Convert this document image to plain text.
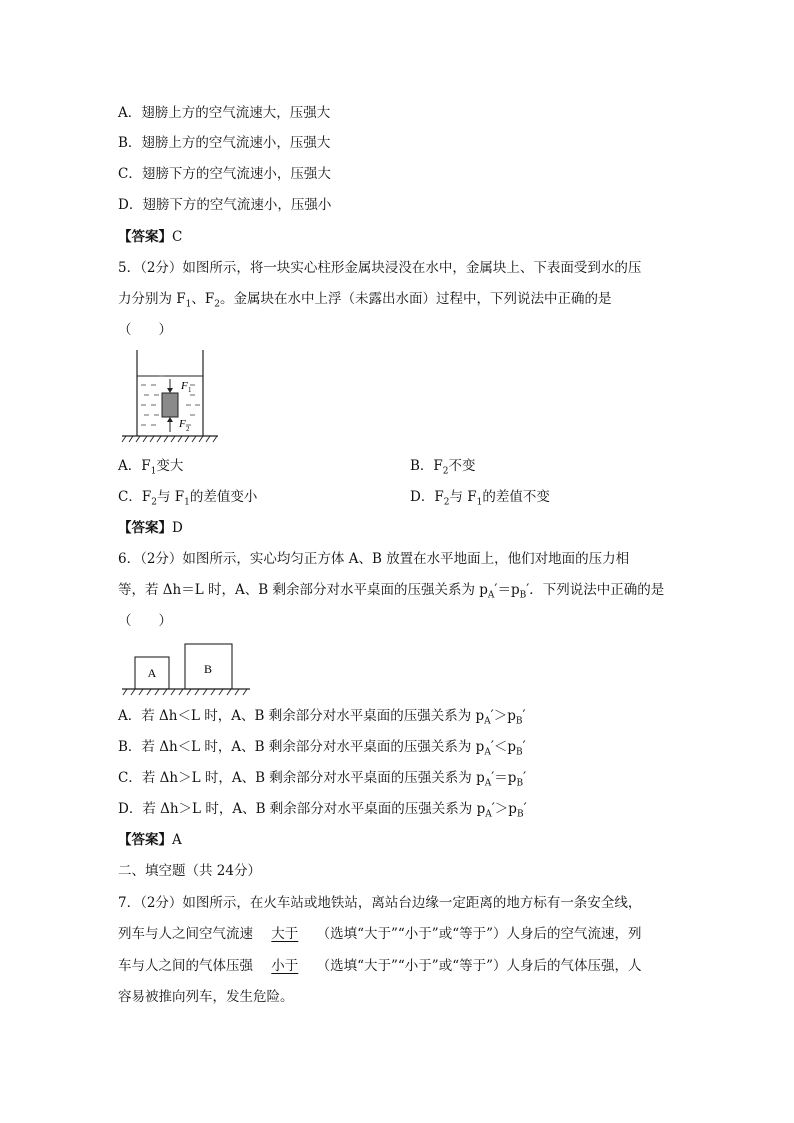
A．翅膀上方的空气流速大，压强大
B．翅膀上方的空气流速小，压强大
C．翅膀下方的空气流速小，压强大
D．翅膀下方的空气流速小，压强小
【答案】C
5．（2分）如图所示，将一块实心柱形金属块浸没在水中，金属块上、下表面受到水的压
力分别为 $F_1$、$F_2$。金属块在水中上浮（未露出水面）过程中，下列说法中正确的是
（　　）
F 1
F 2
A．$F_1$变大	B．$F_2$不变
C．$F_2$与 $F_1$的差值变小	D．$F_2$与 $F_1$的差值不变
【答案】D
6．（2分）如图所示，实心均匀正方体 A、B 放置在水平地面上，他们对地面的压力相
等，若 Δh＝L 时，A、B 剩余部分对水平桌面的压强关系为 $p_A'=p_B'$．下列说法中正确的是
（　　）
A	B
A．若 Δh＜L 时，A、B 剩余部分对水平桌面的压强关系为 $p_A'>p_B'$
B．若 Δh＜L 时，A、B 剩余部分对水平桌面的压强关系为 $p_A'<p_B'$
C．若 Δh＞L 时，A、B 剩余部分对水平桌面的压强关系为 $p_A'=p_B'$
D．若 Δh＞L 时，A、B 剩余部分对水平桌面的压强关系为 $p_A'>p_B'$
【答案】A
二、填空题（共 24分）
7．（2分）如图所示，在火车站或地铁站，离站台边缘一定距离的地方标有一条安全线，
列车与人之间空气流速 大于 （选填“大于”“小于”或“等于”）人身后的空气流速，列
车与人之间的气体压强 小于 （选填“大于”“小于”或“等于”）人身后的气体压强，人
容易被推向列车，发生危险。
